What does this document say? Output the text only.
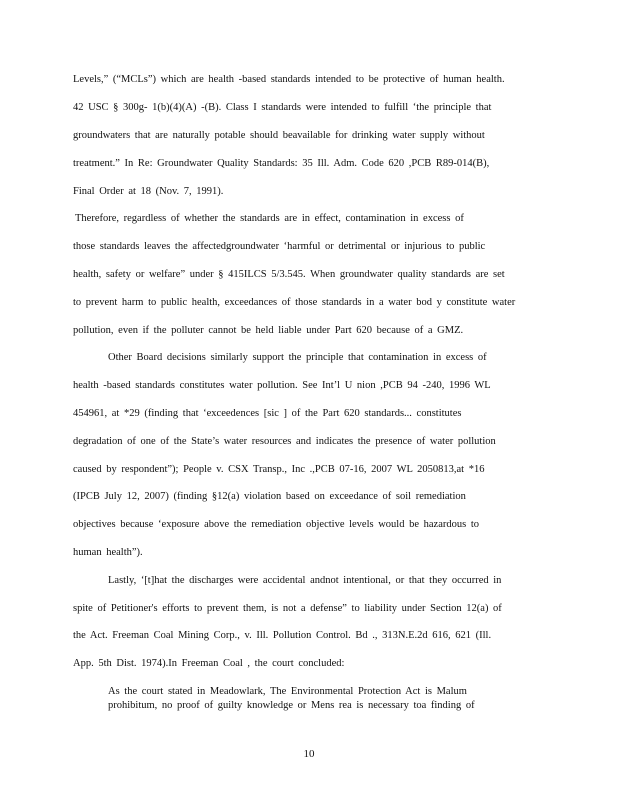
Levels,” (“MCLs”) which are health -based standards intended to be protective of human health.
42 USC § 300g- 1(b)(4)(A) -(B). Class I standards were intended to fulfill ‘the principle that
groundwaters that are naturally potable should beavailable for drinking water supply without
treatment.” In Re: Groundwater Quality Standards: 35 Ill. Adm. Code 620 ,PCB R89-014(B),
Final Order at 18 (Nov. 7, 1991).
Therefore, regardless of whether the standards are in effect, contamination in excess of
those standards leaves the affectedgroundwater ‘harmful or detrimental or injurious to public
health, safety or welfare” under § 415ILCS 5/3.545. When groundwater quality standards are set
to prevent harm to public health, exceedances of those standards in a water bod y constitute water
pollution, even if the polluter cannot be held liable under Part 620 because of a GMZ.
Other Board decisions similarly support the principle that contamination in excess of
health -based standards constitutes water pollution. See Int’l U nion ,PCB 94 -240, 1996 WL
454961, at *29 (finding that ‘exceedences [sic ] of the Part 620 standards... constitutes
degradation of one of the State’s water resources and indicates the presence of water pollution
caused by respondent”); People v. CSX Transp., Inc .,PCB 07-16, 2007 WL 2050813,at *16
(IPCB July 12, 2007) (finding §12(a) violation based on exceedance of soil remediation
objectives because ‘exposure above the remediation objective levels would be hazardous to
human health”).
Lastly, ‘[t]hat the discharges were accidental andnot intentional, or that they occurred in
spite of Petitioner's efforts to prevent them, is not a defense” to liability under Section 12(a) of
the Act. Freeman Coal Mining Corp., v. Ill. Pollution Control. Bd ., 313N.E.2d 616, 621 (Ill.
App. 5th Dist. 1974).In Freeman Coal , the court concluded:
As the court stated in Meadowlark, The Environmental Protection Act is Malum
prohibitum, no proof of guilty knowledge or Mens rea is necessary toa finding of
10
